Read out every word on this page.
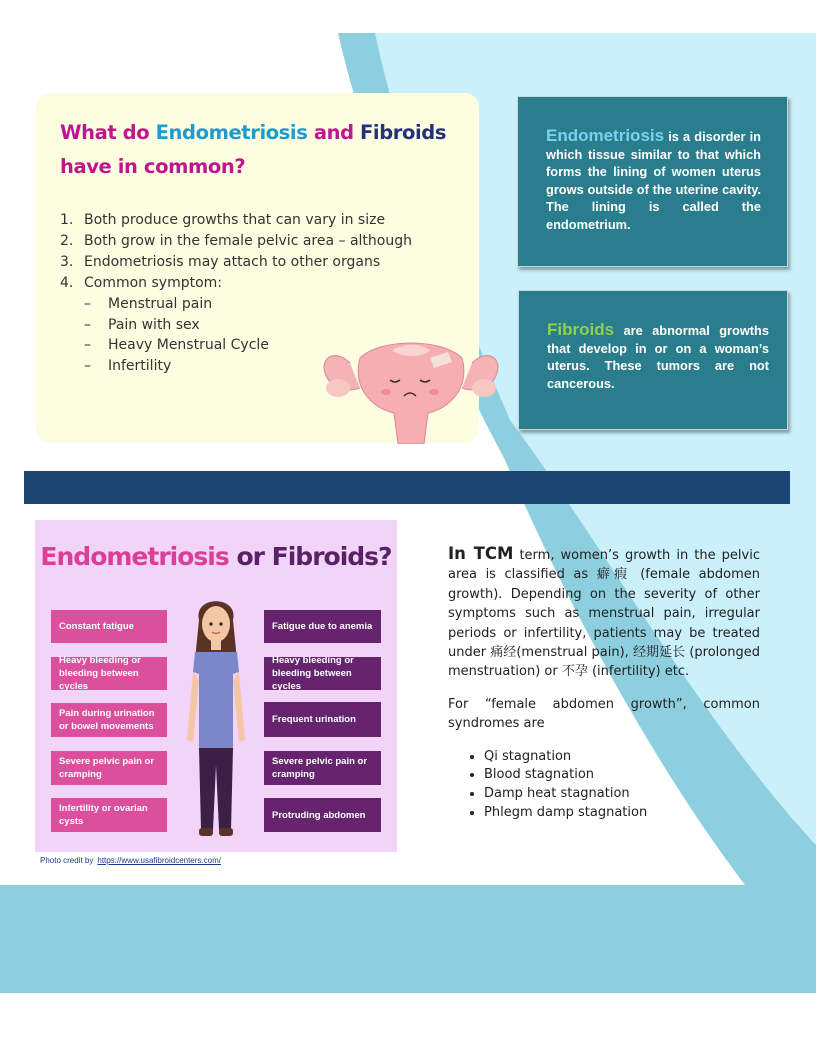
What do Endometriosis and Fibroids
have in common?
1. Both produce growths that can vary in size
2. Both grow in the female pelvic area – although
3. Endometriosis may attach to other organs
4. Common symptom:
– Menstrual pain
– Pain with sex
– Heavy Menstrual Cycle
– Infertility

Endometriosis is a disorder in which tissue similar to that which forms the lining of women uterus grows outside of the uterine cavity. The lining is called the endometrium.

Fibroids are abnormal growths that develop in or on a woman’s uterus. These tumors are not cancerous.

Endometriosis or Fibroids?
Constant fatigue
Heavy bleeding or bleeding between cycles
Pain during urination or bowel movements
Severe pelvic pain or cramping
Infertility or ovarian cysts
Fatigue due to anemia
Heavy bleeding or bleeding between cycles
Frequent urination
Severe pelvic pain or cramping
Protruding abdomen
Photo credit by https://www.usafibroidcenters.com/

In TCM term, women’s growth in the pelvic area is classified as 癖瘕 (female abdomen growth). Depending on the severity of other symptoms such as menstrual pain, irregular periods or infertility, patients may be treated under 痛经(menstrual pain), 经期延长 (prolonged menstruation) or 不孕 (infertility) etc.

For “female abdomen growth”, common syndromes are

• Qi stagnation
• Blood stagnation
• Damp heat stagnation
• Phlegm damp stagnation
